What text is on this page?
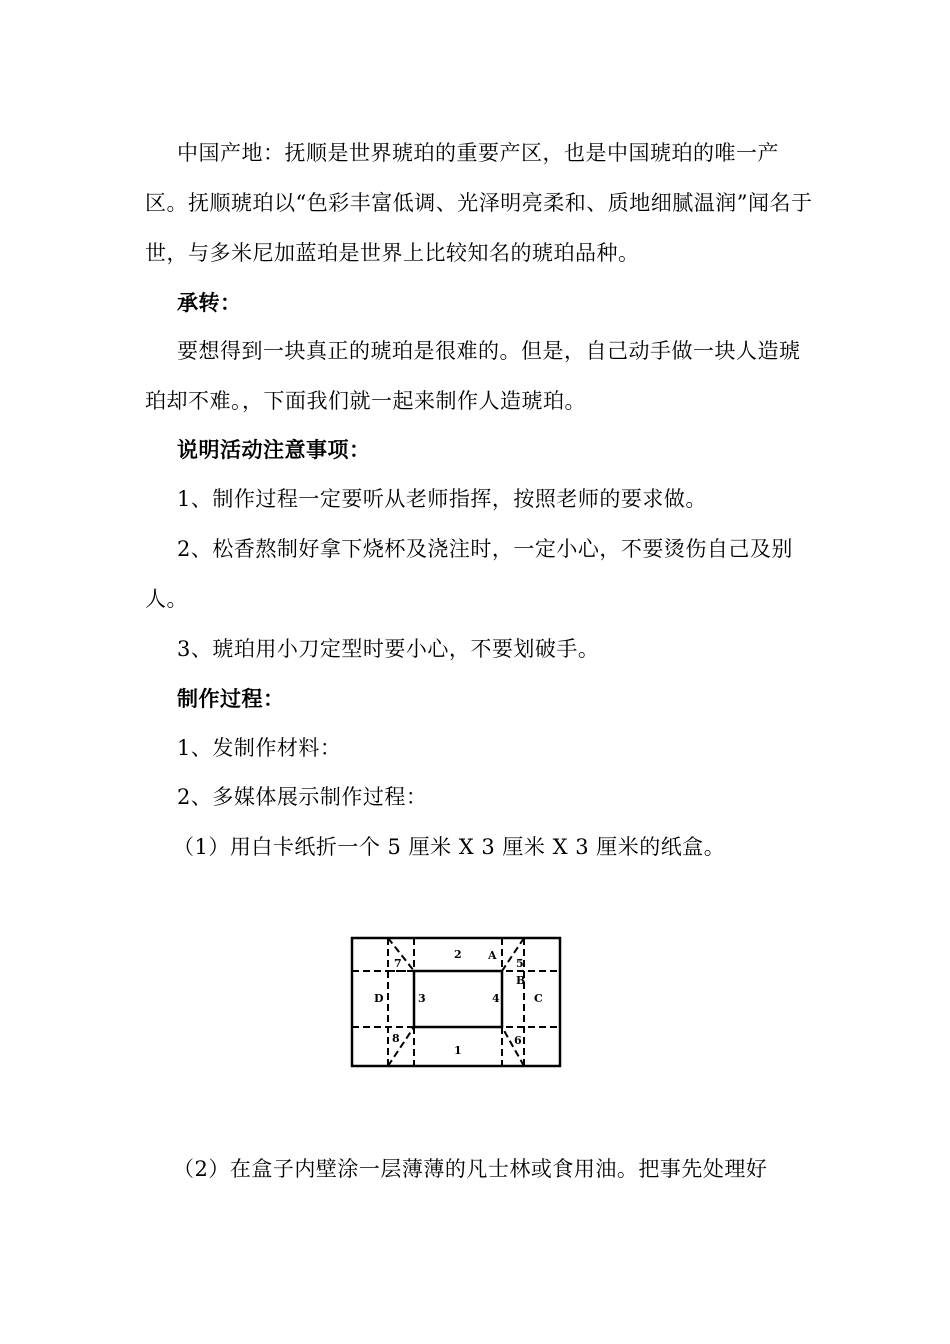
中国产地：抚顺是世界琥珀的重要产区，也是中国琥珀的唯一产区。抚顺琥珀以“色彩丰富低调、光泽明亮柔和、质地细腻温润”闻名于世，与多米尼加蓝珀是世界上比较知名的琥珀品种。

承转：

要想得到一块真正的琥珀是很难的。但是，自己动手做一块人造琥珀却不难。，下面我们就一起来制作人造琥珀。

说明活动注意事项：

1、制作过程一定要听从老师指挥，按照老师的要求做。

2、松香熬制好拿下烧杯及浇注时，一定小心，不要烫伤自己及别人。

3、琥珀用小刀定型时要小心，不要划破手。

制作过程：

1、发制作材料：

2、多媒体展示制作过程：

（1）用白卡纸折一个 5 厘米 X 3 厘米 X 3 厘米的纸盒。

2
1
3	4
5
6
7
8
A
B
C
D

（2）在盒子内壁涂一层薄薄的凡士林或食用油。把事先处理好
